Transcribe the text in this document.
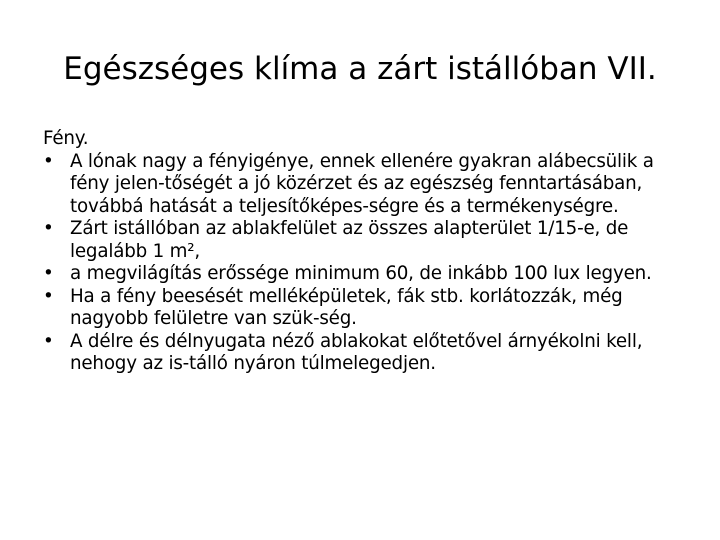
Egészséges klíma a zárt istállóban VII.

Fény.

• A lónak nagy a fényigénye, ennek ellenére gyakran alábecsülik a fény jelen-tőségét a jó közérzet és az egészség fenntartásában, továbbá hatását a teljesítőképes-ségre és a termékenységre.
• Zárt istállóban az ablakfelület az összes alapterület 1/15-e, de legalább 1 m²,
• a megvilágítás erőssége minimum 60, de inkább 100 lux legyen.
• Ha a fény beesését melléképületek, fák stb. korlátozzák, még nagyobb felületre van szük-ség.
• A délre és délnyugata néző ablakokat előtetővel árnyékolni kell, nehogy az is-tálló nyáron túlmelegedjen.
